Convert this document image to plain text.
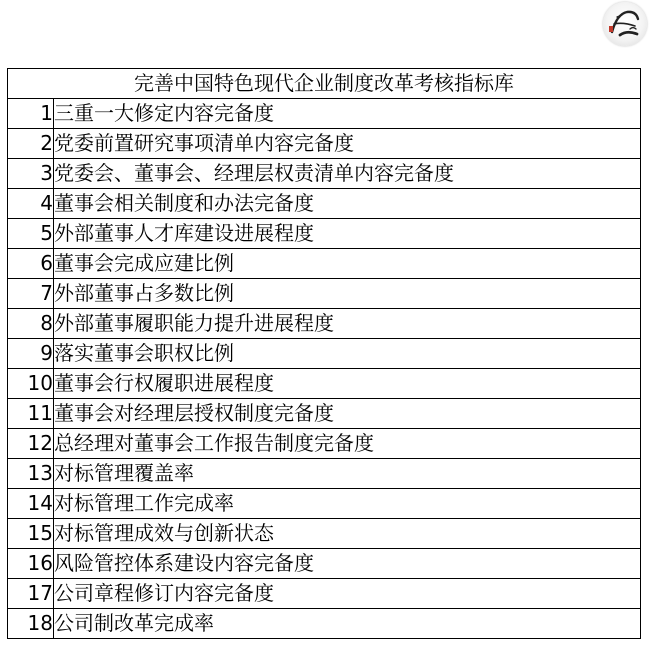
完善中国特色现代企业制度改革考核指标库	
1	三重一大修定内容完备度
2	党委前置研究事项清单内容完备度
3	党委会、董事会、经理层权责清单内容完备度
4	董事会相关制度和办法完备度
5	外部董事人才库建设进展程度
6	董事会完成应建比例
7	外部董事占多数比例
8	外部董事履职能力提升进展程度
9	落实董事会职权比例
10	董事会行权履职进展程度
11	董事会对经理层授权制度完备度
12	总经理对董事会工作报告制度完备度
13	对标管理覆盖率
14	对标管理工作完成率
15	对标管理成效与创新状态
16	风险管控体系建设内容完备度
17	公司章程修订内容完备度
18	公司制改革完成率
